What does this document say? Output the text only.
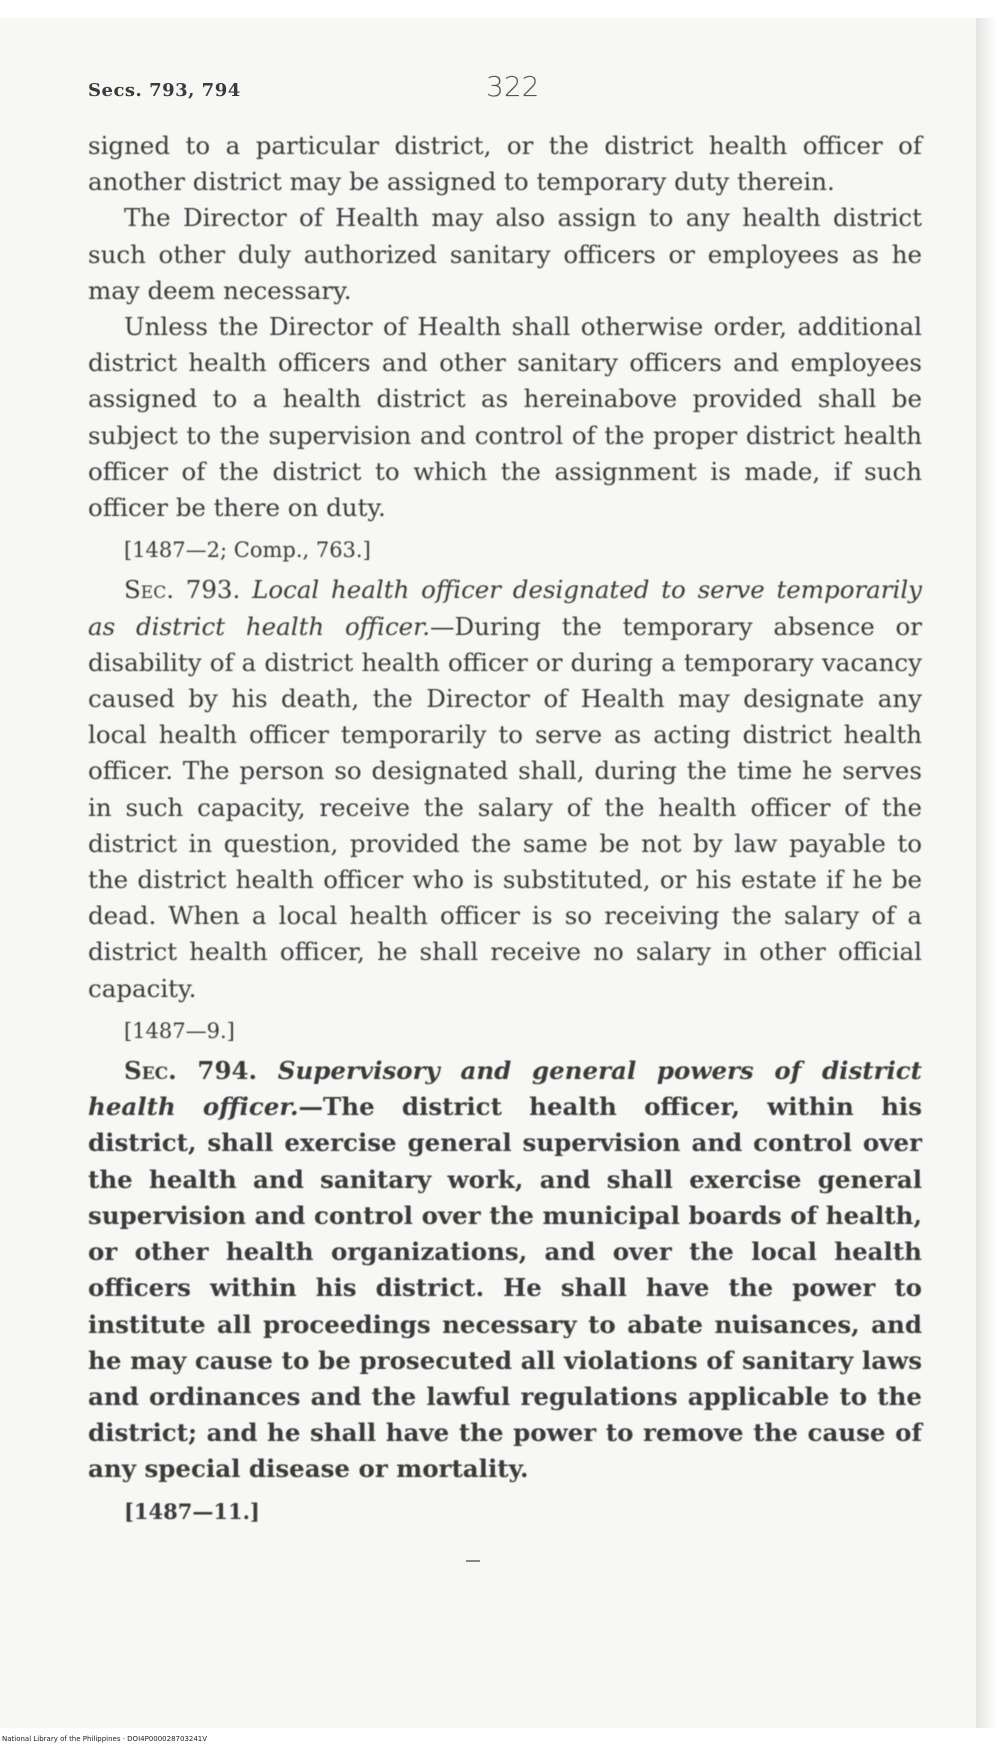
Secs. 793, 794	322

signed to a particular district, or the district health officer of another district may be assigned to temporary duty therein.

The Director of Health may also assign to any health district such other duly authorized sanitary officers or employees as he may deem necessary.

Unless the Director of Health shall otherwise order, additional district health officers and other sanitary officers and employees assigned to a health district as hereinabove provided shall be subject to the supervision and control of the proper district health officer of the district to which the assignment is made, if such officer be there on duty.

[1487—2; Comp., 763.]

Sec. 793. Local health officer designated to serve temporarily as district health officer.—During the temporary absence or disability of a district health officer or during a temporary vacancy caused by his death, the Director of Health may designate any local health officer temporarily to serve as acting district health officer. The person so designated shall, during the time he serves in such capacity, receive the salary of the health officer of the district in question, provided the same be not by law payable to the district health officer who is substituted, or his estate if he be dead. When a local health officer is so receiving the salary of a district health officer, he shall receive no salary in other official capacity.

[1487—9.]

Sec. 794. Supervisory and general powers of district health officer.—The district health officer, within his district, shall exercise general supervision and control over the health and sanitary work, and shall exercise general supervision and control over the municipal boards of health, or other health organizations, and over the local health officers within his district. He shall have the power to institute all proceedings necessary to abate nuisances, and he may cause to be prosecuted all violations of sanitary laws and ordinances and the lawful regulations applicable to the district; and he shall have the power to remove the cause of any special disease or mortality.

[1487—11.]

National Library of the Philippines · DOI4P000028703241V
